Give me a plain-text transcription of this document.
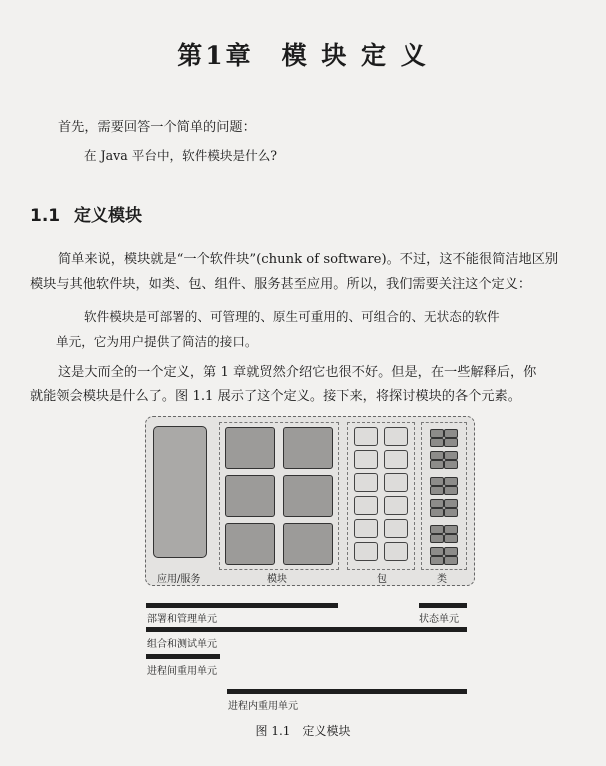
第1章　模 块 定 义
首先，需要回答一个简单的问题：
在 Java 平台中，软件模块是什么?
1.1 定义模块
简单来说，模块就是“一个软件块”(chunk of software)。不过，这不能很简洁地区别
模块与其他软件块，如类、包、组件、服务甚至应用。所以，我们需要关注这个定义：
软件模块是可部署的、可管理的、原生可重用的、可组合的、无状态的软件
单元，它为用户提供了简洁的接口。
这是大而全的一个定义，第 1 章就贸然介绍它也很不好。但是，在一些解释后，你
就能领会模块是什么了。图 1.1 展示了这个定义。接下来，将探讨模块的各个元素。
应用/服务	模块	包	类
部署和管理单元	状态单元
组合和测试单元
进程间重用单元
进程内重用单元
图 1.1　定义模块
